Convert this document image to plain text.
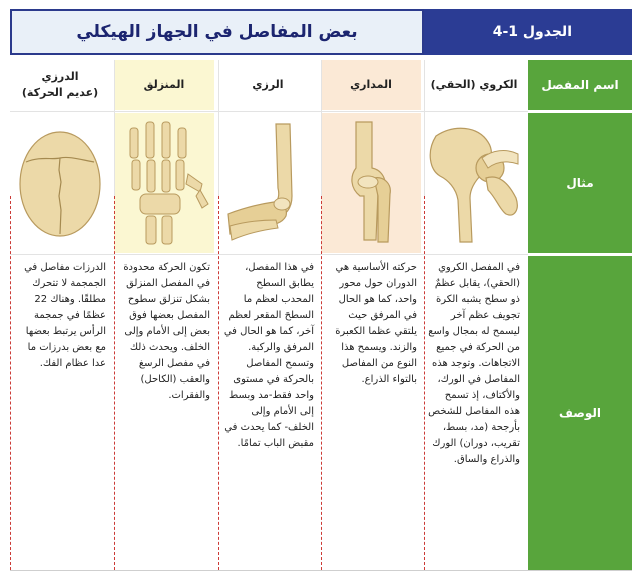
بعض المفاصل في الجهاز الهيكلي	الجدول 1-4
اسم المفصل
مثال
الوصف
الكروي (الحقي)

في المفصل الكروي (الحقي)، يقابل عظمٌ ذو سطح يشبه الكرة تجويف عظم آخر ليسمح له بمجال واسع من الحركة في جميع الاتجاهات. وتوجد هذه المفاصل في الورك، والأكتاف، إذ تسمح هذه المفاصل للشخص بأرجحة (مد، بسط، تقريب، دوران) الورك والذراع والساق.

المداري

حركته الأساسية هي الدوران حول محور واحد، كما هو الحال في المرفق حيث يلتقي عظما الكعبرة والزند. ويسمح هذا النوع من المفاصل بالتواء الذراع.

الرزي

في هذا المفصل، يطابق السطح المحدب لعظم ما السطحَ المقعر لعظم آخر، كما هو الحال في المرفق والركبة. وتسمح المفاصل بالحركة في مستوى واحد فقط-مد وبسط إلى الأمام وإلى الخلف- كما يحدث في مقبض الباب تمامًا.

المنزلق

تكون الحركة محدودة في المفصل المنزلق بشكل تنزلق سطوح المفصل بعضها فوق بعض إلى الأمام وإلى الخلف. ويحدث ذلك في مفصل الرسغ والعقب (الكاحل) والفقرات.

الدرزي
(عديم الحركة)

الدرزات مفاصل في الجمجمة لا تتحرك مطلقًا. وهناك 22 عظمًا في جمجمة الرأس يرتبط بعضها مع بعض بدرزات ما عدا عظام الفك.
